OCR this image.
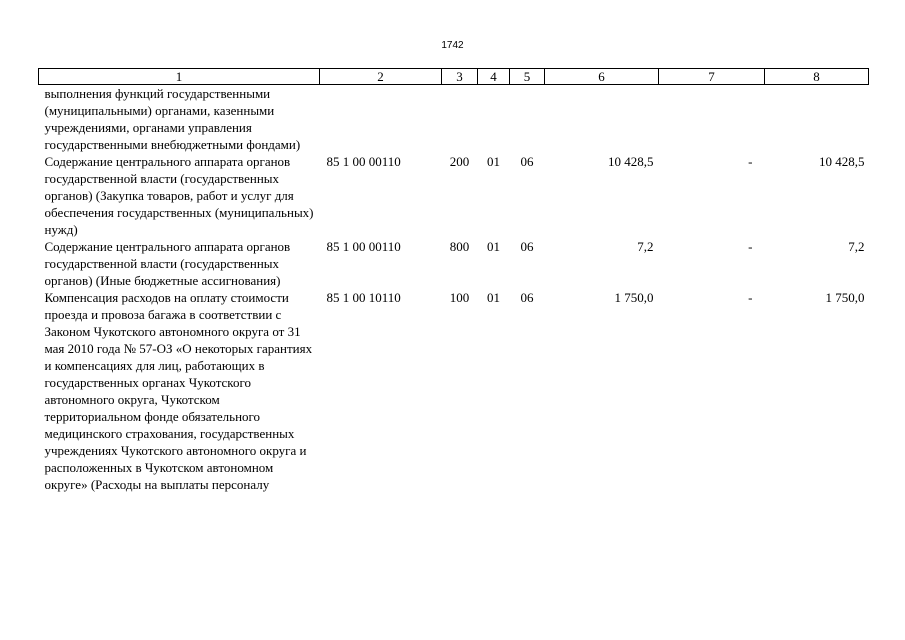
1742
1	2	3	4	5	6	7	8
выполнения функций государственными (муниципальными) органами, казенными учреждениями, органами управления государственными внебюджетными фондами)							
Содержание центрального аппарата органов государственной власти (государственных органов) (Закупка товаров, работ и услуг для обеспечения государственных (муниципальных) нужд)	85 1 00 00110	200	01	06	10 428,5	-	10 428,5
Содержание центрального аппарата органов государственной власти (государственных органов) (Иные бюджетные ассигнования)	85 1 00 00110	800	01	06	7,2	-	7,2
Компенсация расходов на оплату стоимости проезда и провоза багажа в соответствии с Законом Чукотского автономного округа от 31 мая 2010 года № 57-ОЗ «О некоторых гарантиях и компенсациях для лиц, работающих в государственных органах Чукотского автономного округа, Чукотском территориальном фонде обязательного медицинского страхования, государственных учреждениях Чукотского автономного округа и расположенных в Чукотском автономном округе» (Расходы на выплаты персоналу	85 1 00 10110	100	01	06	1 750,0	-	1 750,0
